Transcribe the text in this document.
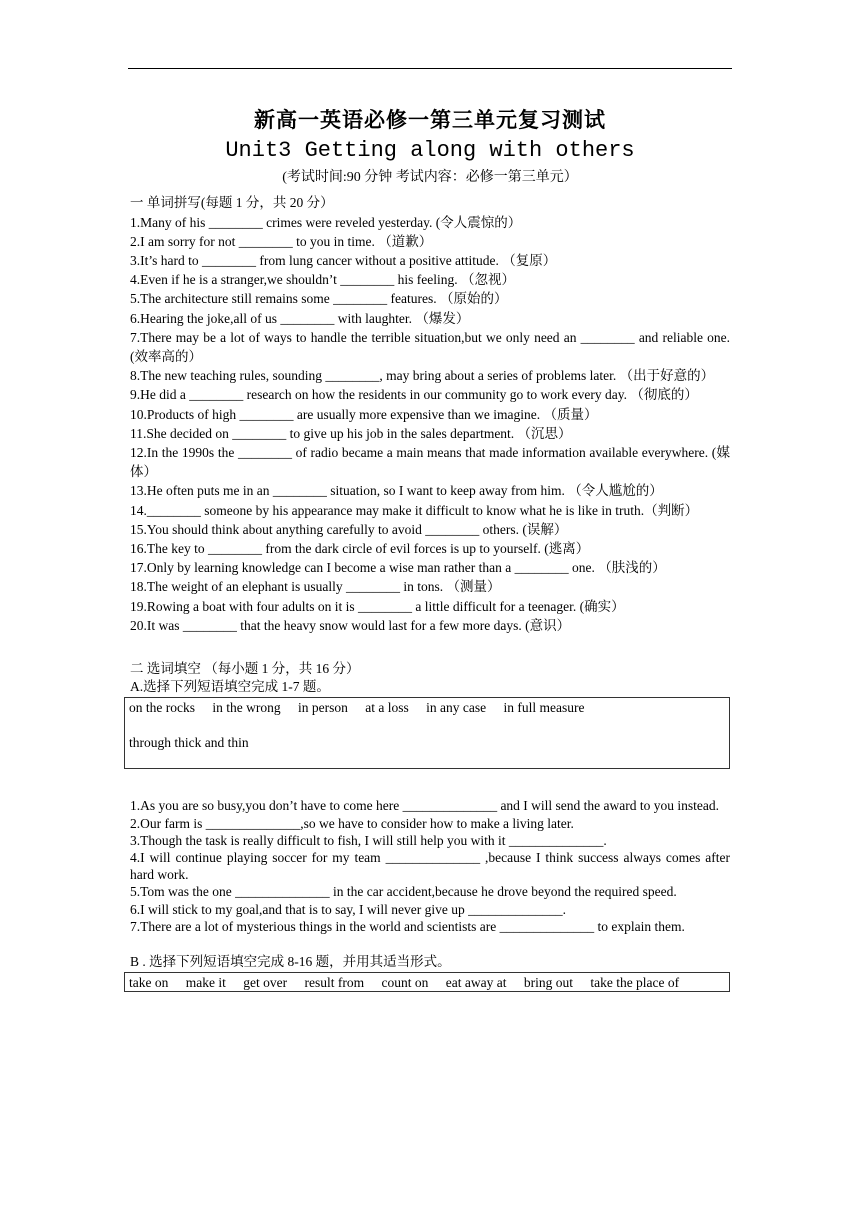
新高一英语必修一第三单元复习测试
Unit3 Getting along with others
(考试时间:90 分钟 考试内容：必修一第三单元）
一 单词拼写(每题 1 分，共 20 分）
1.Many of his ________ crimes were reveled yesterday. (令人震惊的）
2.I am sorry for not ________ to you in time. （道歉）
3.It’s hard to ________ from lung cancer without a positive attitude. （复原）
4.Even if he is a stranger,we shouldn’t ________ his feeling. （忽视）
5.The architecture still remains some ________ features. （原始的）
6.Hearing the joke,all of us ________ with laughter. （爆发）
7.There may be a lot of ways to handle the terrible situation,but we only need an ________ and reliable one. (效率高的）
8.The new teaching rules, sounding ________, may bring about a series of problems later. （出于好意的）
9.He did a ________ research on how the residents in our community go to work every day. （彻底的）
10.Products of high ________ are usually more expensive than we imagine. （质量）
11.She decided on ________ to give up his job in the sales department. （沉思）
12.In the 1990s the ________ of radio became a main means that made information available everywhere. (媒体）
13.He often puts me in an ________ situation, so I want to keep away from him. （令人尴尬的）
14.________ someone by his appearance may make it difficult to know what he is like in truth.（判断）
15.You should think about anything carefully to avoid ________ others. (误解）
16.The key to ________ from the dark circle of evil forces is up to yourself. (逃离）
17.Only by learning knowledge can I become a wise man rather than a ________ one. （肤浅的）
18.The weight of an elephant is usually ________ in tons. （测量）
19.Rowing a boat with four adults on it is ________ a little difficult for a teenager. (确实）
20.It was ________ that the heavy snow would last for a few more days. (意识）
二 选词填空 （每小题 1 分，共 16 分）
A.选择下列短语填空完成 1-7 题。
on the rocks in the wrong in person at a loss in any case in full measure
through thick and thin
1.As you are so busy,you don’t have to come here ______________ and I will send the award to you instead.
2.Our farm is ______________,so we have to consider how to make a living later.
3.Though the task is really difficult to fish, I will still help you with it ______________.
4.I will continue playing soccer for my team ______________ ,because I think success always comes after hard work.
5.Tom was the one ______________ in the car accident,because he drove beyond the required speed.
6.I will stick to my goal,and that is to say, I will never give up ______________.
7.There are a lot of mysterious things in the world and scientists are ______________ to explain them.
B . 选择下列短语填空完成 8-16 题，并用其适当形式。
take on make it get over result from count on eat away at bring out take the place of
